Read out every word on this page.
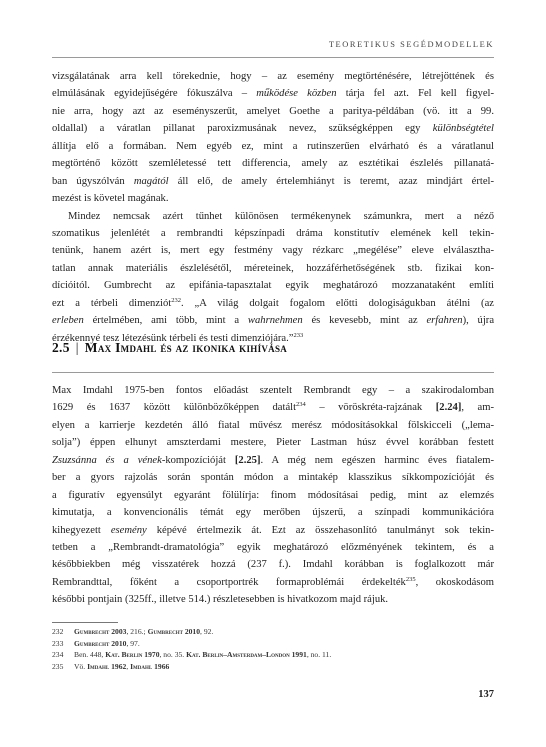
TEORETIKUS SEGÉDMODELLEK
vizsgálatának arra kell törekednie, hogy – az esemény megtörténésére, létrejöttének és
elmúlásának egyidejűségére fókuszálva – működése közben tárja fel azt. Fel kell figyel-
nie arra, hogy azt az eseményszerűt, amelyet Goethe a paritya-példában (vö. itt a 99.
oldallal) a váratlan pillanat paroxizmusának nevez, szükségképpen egy különbségtétel
állítja elő a formában. Nem egyéb ez, mint a rutinszerűen elvárható és a váratlanul
megtörténő között szemléletessé tett differencia, amely az esztétikai észlelés pillanatá-
ban úgyszólván magától áll elő, de amely értelemhiányt is teremt, azaz mindjárt értel-
mezést is követel magának.
Mindez nemcsak azért tűnhet különösen termékenynek számunkra, mert a néző
szomatikus jelenlétét a rembrandti képszínpadi dráma konstitutív elemének kell tekin-
tenünk, hanem azért is, mert egy festmény vagy rézkarc „megélése” eleve elválasztha-
tatlan annak materiális észlelésétől, méreteinek, hozzáférhetőségének stb. fizikai kon-
dícióitól. Gumbrecht az epifánia-tapasztalat egyik meghatározó mozzanataként említi
ezt a térbeli dimenziót$^{232}$. „A világ dolgait fogalom előtti dologiságukban átélni (az
erleben értelmében, ami több, mint a wahrnehmen és kevesebb, mint az erfahren), újra
érzékennyé tesz létezésünk térbeli és testi dimenziójára.”$^{233}$
2.5 | Max Imdahl és az ikonika kihívása
Max Imdahl 1975-ben fontos előadást szentelt Rembrandt egy – a szakirodalomban
1629 és 1637 között különbözőképpen datált$^{234}$ – vöröskréta-rajzának [2.24], am-
elyen a karrierje kezdetén álló fiatal művész merész módosításokkal fölskicceli („lema-
solja”) éppen elhunyt amszterdami mestere, Pieter Lastman húsz évvel korábban festett
Zsuzsánna és a vének-kompozícióját [2.25]. A még nem egészen harminc éves fiatalem-
ber a gyors rajzolás során spontán módon a mintakép klasszikus síkkompozícióját és
a figuratív egyensúlyt egyaránt fölülírja: finom módosításai pedig, mint az elemzés
kimutatja, a konvencionális témát egy merőben újszerű, a színpadi kommunikációra
kihegyezett esemény képévé értelmezik át. Ezt az összehasonlító tanulmányt sok tekin-
tetben a „Rembrandt-dramatológia” egyik meghatározó előzményének tekintem, és a
későbbiekben még visszatérek hozzá (237 f.). Imdahl korábban is foglalkozott már
Rembrandttal, főként a csoportportrék formaproblémái érdekelték$^{235}$, okoskodásom
későbbi pontjain (325ff., illetve 514.) részletesebben is hivatkozom majd rájuk.
232 Gumbrecht 2003, 216.; Gumbrecht 2010, 92.
233 Gumbrecht 2010, 97.
234 Ben. 448, Kat. Berlin 1970, no. 35. Kat. Berlin–Amsterdam–London 1991, no. 11.
235 Vö. Imdahl 1962, Imdahl 1966
137
